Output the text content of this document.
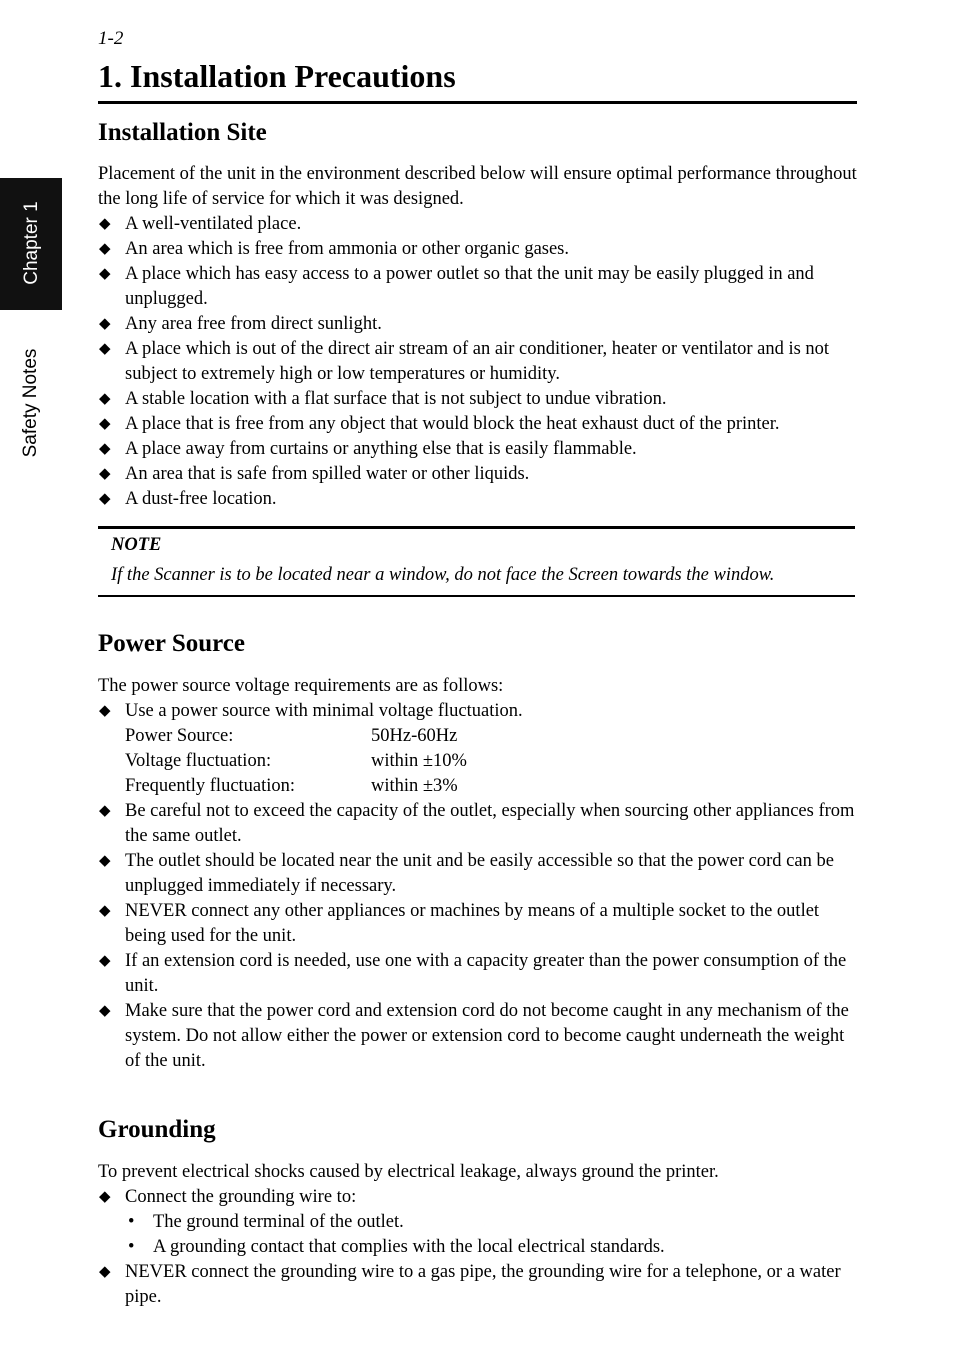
Chapter 1
Safety Notes
1-2
1. Installation Precautions
Installation Site

Placement of the unit in the environment described below will ensure optimal performance throughout the long life of service for which it was designed.

◆ A well-ventilated place.
◆ An area which is free from ammonia or other organic gases.
◆ A place which has easy access to a power outlet so that the unit may be easily plugged in and unplugged.
◆ Any area free from direct sunlight.
◆ A place which is out of the direct air stream of an air conditioner, heater or ventilator and is not subject to extremely high or low temperatures or humidity.
◆ A stable location with a flat surface that is not subject to undue vibration.
◆ A place that is free from any object that would block the heat exhaust duct of the printer.
◆ A place away from curtains or anything else that is easily flammable.
◆ An area that is safe from spilled water or other liquids.
◆ A dust-free location.
NOTE
If the Scanner is to be located near a window, do not face the Screen towards the window.
Power Source

The power source voltage requirements are as follows:

◆ Use a power source with minimal voltage fluctuation.
Power Source:	50Hz-60Hz
Voltage fluctuation:	within ±10%
Frequently fluctuation:	within ±3%
◆ Be careful not to exceed the capacity of the outlet, especially when sourcing other appliances from the same outlet.
◆ The outlet should be located near the unit and be easily accessible so that the power cord can be unplugged immediately if necessary.
◆ NEVER connect any other appliances or machines by means of a multiple socket to the outlet being used for the unit.
◆ If an extension cord is needed, use one with a capacity greater than the power consumption of the unit.
◆ Make sure that the power cord and extension cord do not become caught in any mechanism of the system. Do not allow either the power or extension cord to become caught underneath the weight of the unit.
Grounding

To prevent electrical shocks caused by electrical leakage, always ground the printer.

◆ Connect the grounding wire to:
• The ground terminal of the outlet.
• A grounding contact that complies with the local electrical standards.
◆ NEVER connect the grounding wire to a gas pipe, the grounding wire for a telephone, or a water pipe.
